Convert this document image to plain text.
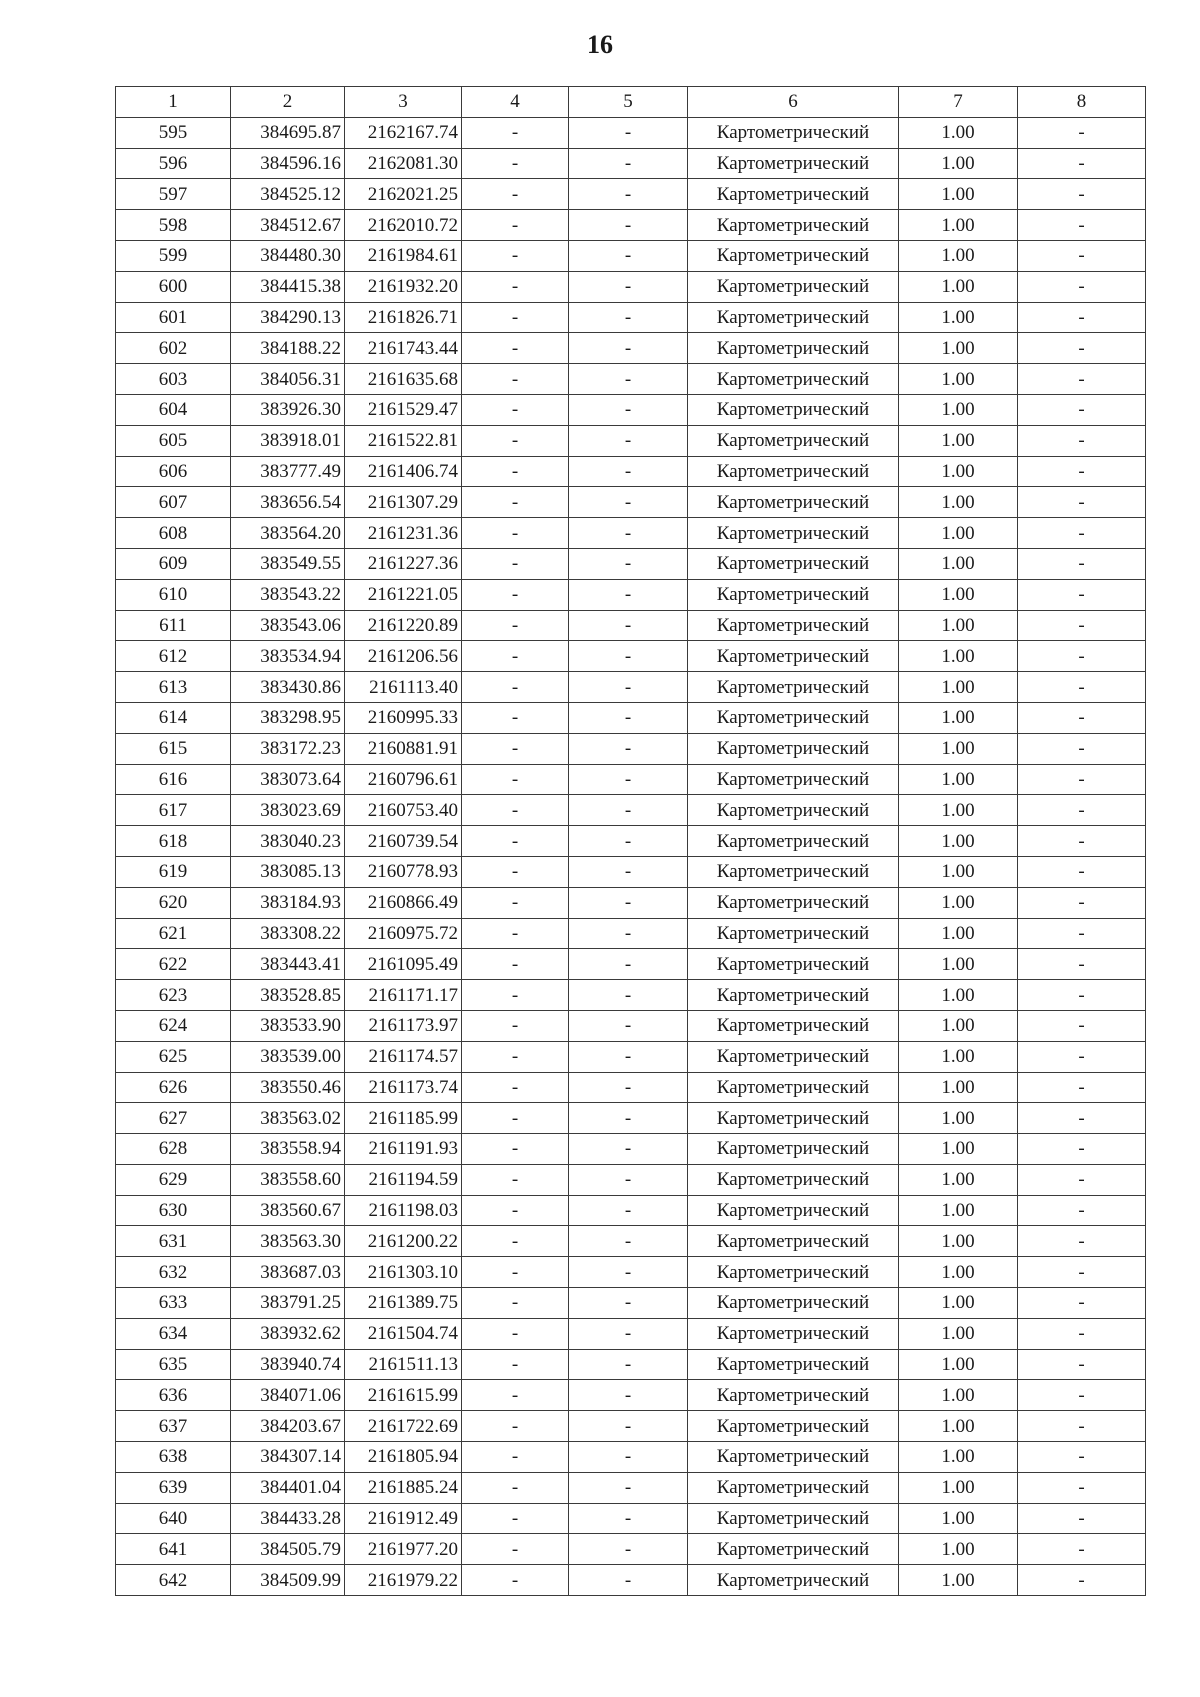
16
1	2	3	4	5	6	7	8
595	384695.87	2162167.74	-	-	Картометрический	1.00	-
596	384596.16	2162081.30	-	-	Картометрический	1.00	-
597	384525.12	2162021.25	-	-	Картометрический	1.00	-
598	384512.67	2162010.72	-	-	Картометрический	1.00	-
599	384480.30	2161984.61	-	-	Картометрический	1.00	-
600	384415.38	2161932.20	-	-	Картометрический	1.00	-
601	384290.13	2161826.71	-	-	Картометрический	1.00	-
602	384188.22	2161743.44	-	-	Картометрический	1.00	-
603	384056.31	2161635.68	-	-	Картометрический	1.00	-
604	383926.30	2161529.47	-	-	Картометрический	1.00	-
605	383918.01	2161522.81	-	-	Картометрический	1.00	-
606	383777.49	2161406.74	-	-	Картометрический	1.00	-
607	383656.54	2161307.29	-	-	Картометрический	1.00	-
608	383564.20	2161231.36	-	-	Картометрический	1.00	-
609	383549.55	2161227.36	-	-	Картометрический	1.00	-
610	383543.22	2161221.05	-	-	Картометрический	1.00	-
611	383543.06	2161220.89	-	-	Картометрический	1.00	-
612	383534.94	2161206.56	-	-	Картометрический	1.00	-
613	383430.86	2161113.40	-	-	Картометрический	1.00	-
614	383298.95	2160995.33	-	-	Картометрический	1.00	-
615	383172.23	2160881.91	-	-	Картометрический	1.00	-
616	383073.64	2160796.61	-	-	Картометрический	1.00	-
617	383023.69	2160753.40	-	-	Картометрический	1.00	-
618	383040.23	2160739.54	-	-	Картометрический	1.00	-
619	383085.13	2160778.93	-	-	Картометрический	1.00	-
620	383184.93	2160866.49	-	-	Картометрический	1.00	-
621	383308.22	2160975.72	-	-	Картометрический	1.00	-
622	383443.41	2161095.49	-	-	Картометрический	1.00	-
623	383528.85	2161171.17	-	-	Картометрический	1.00	-
624	383533.90	2161173.97	-	-	Картометрический	1.00	-
625	383539.00	2161174.57	-	-	Картометрический	1.00	-
626	383550.46	2161173.74	-	-	Картометрический	1.00	-
627	383563.02	2161185.99	-	-	Картометрический	1.00	-
628	383558.94	2161191.93	-	-	Картометрический	1.00	-
629	383558.60	2161194.59	-	-	Картометрический	1.00	-
630	383560.67	2161198.03	-	-	Картометрический	1.00	-
631	383563.30	2161200.22	-	-	Картометрический	1.00	-
632	383687.03	2161303.10	-	-	Картометрический	1.00	-
633	383791.25	2161389.75	-	-	Картометрический	1.00	-
634	383932.62	2161504.74	-	-	Картометрический	1.00	-
635	383940.74	2161511.13	-	-	Картометрический	1.00	-
636	384071.06	2161615.99	-	-	Картометрический	1.00	-
637	384203.67	2161722.69	-	-	Картометрический	1.00	-
638	384307.14	2161805.94	-	-	Картометрический	1.00	-
639	384401.04	2161885.24	-	-	Картометрический	1.00	-
640	384433.28	2161912.49	-	-	Картометрический	1.00	-
641	384505.79	2161977.20	-	-	Картометрический	1.00	-
642	384509.99	2161979.22	-	-	Картометрический	1.00	-
